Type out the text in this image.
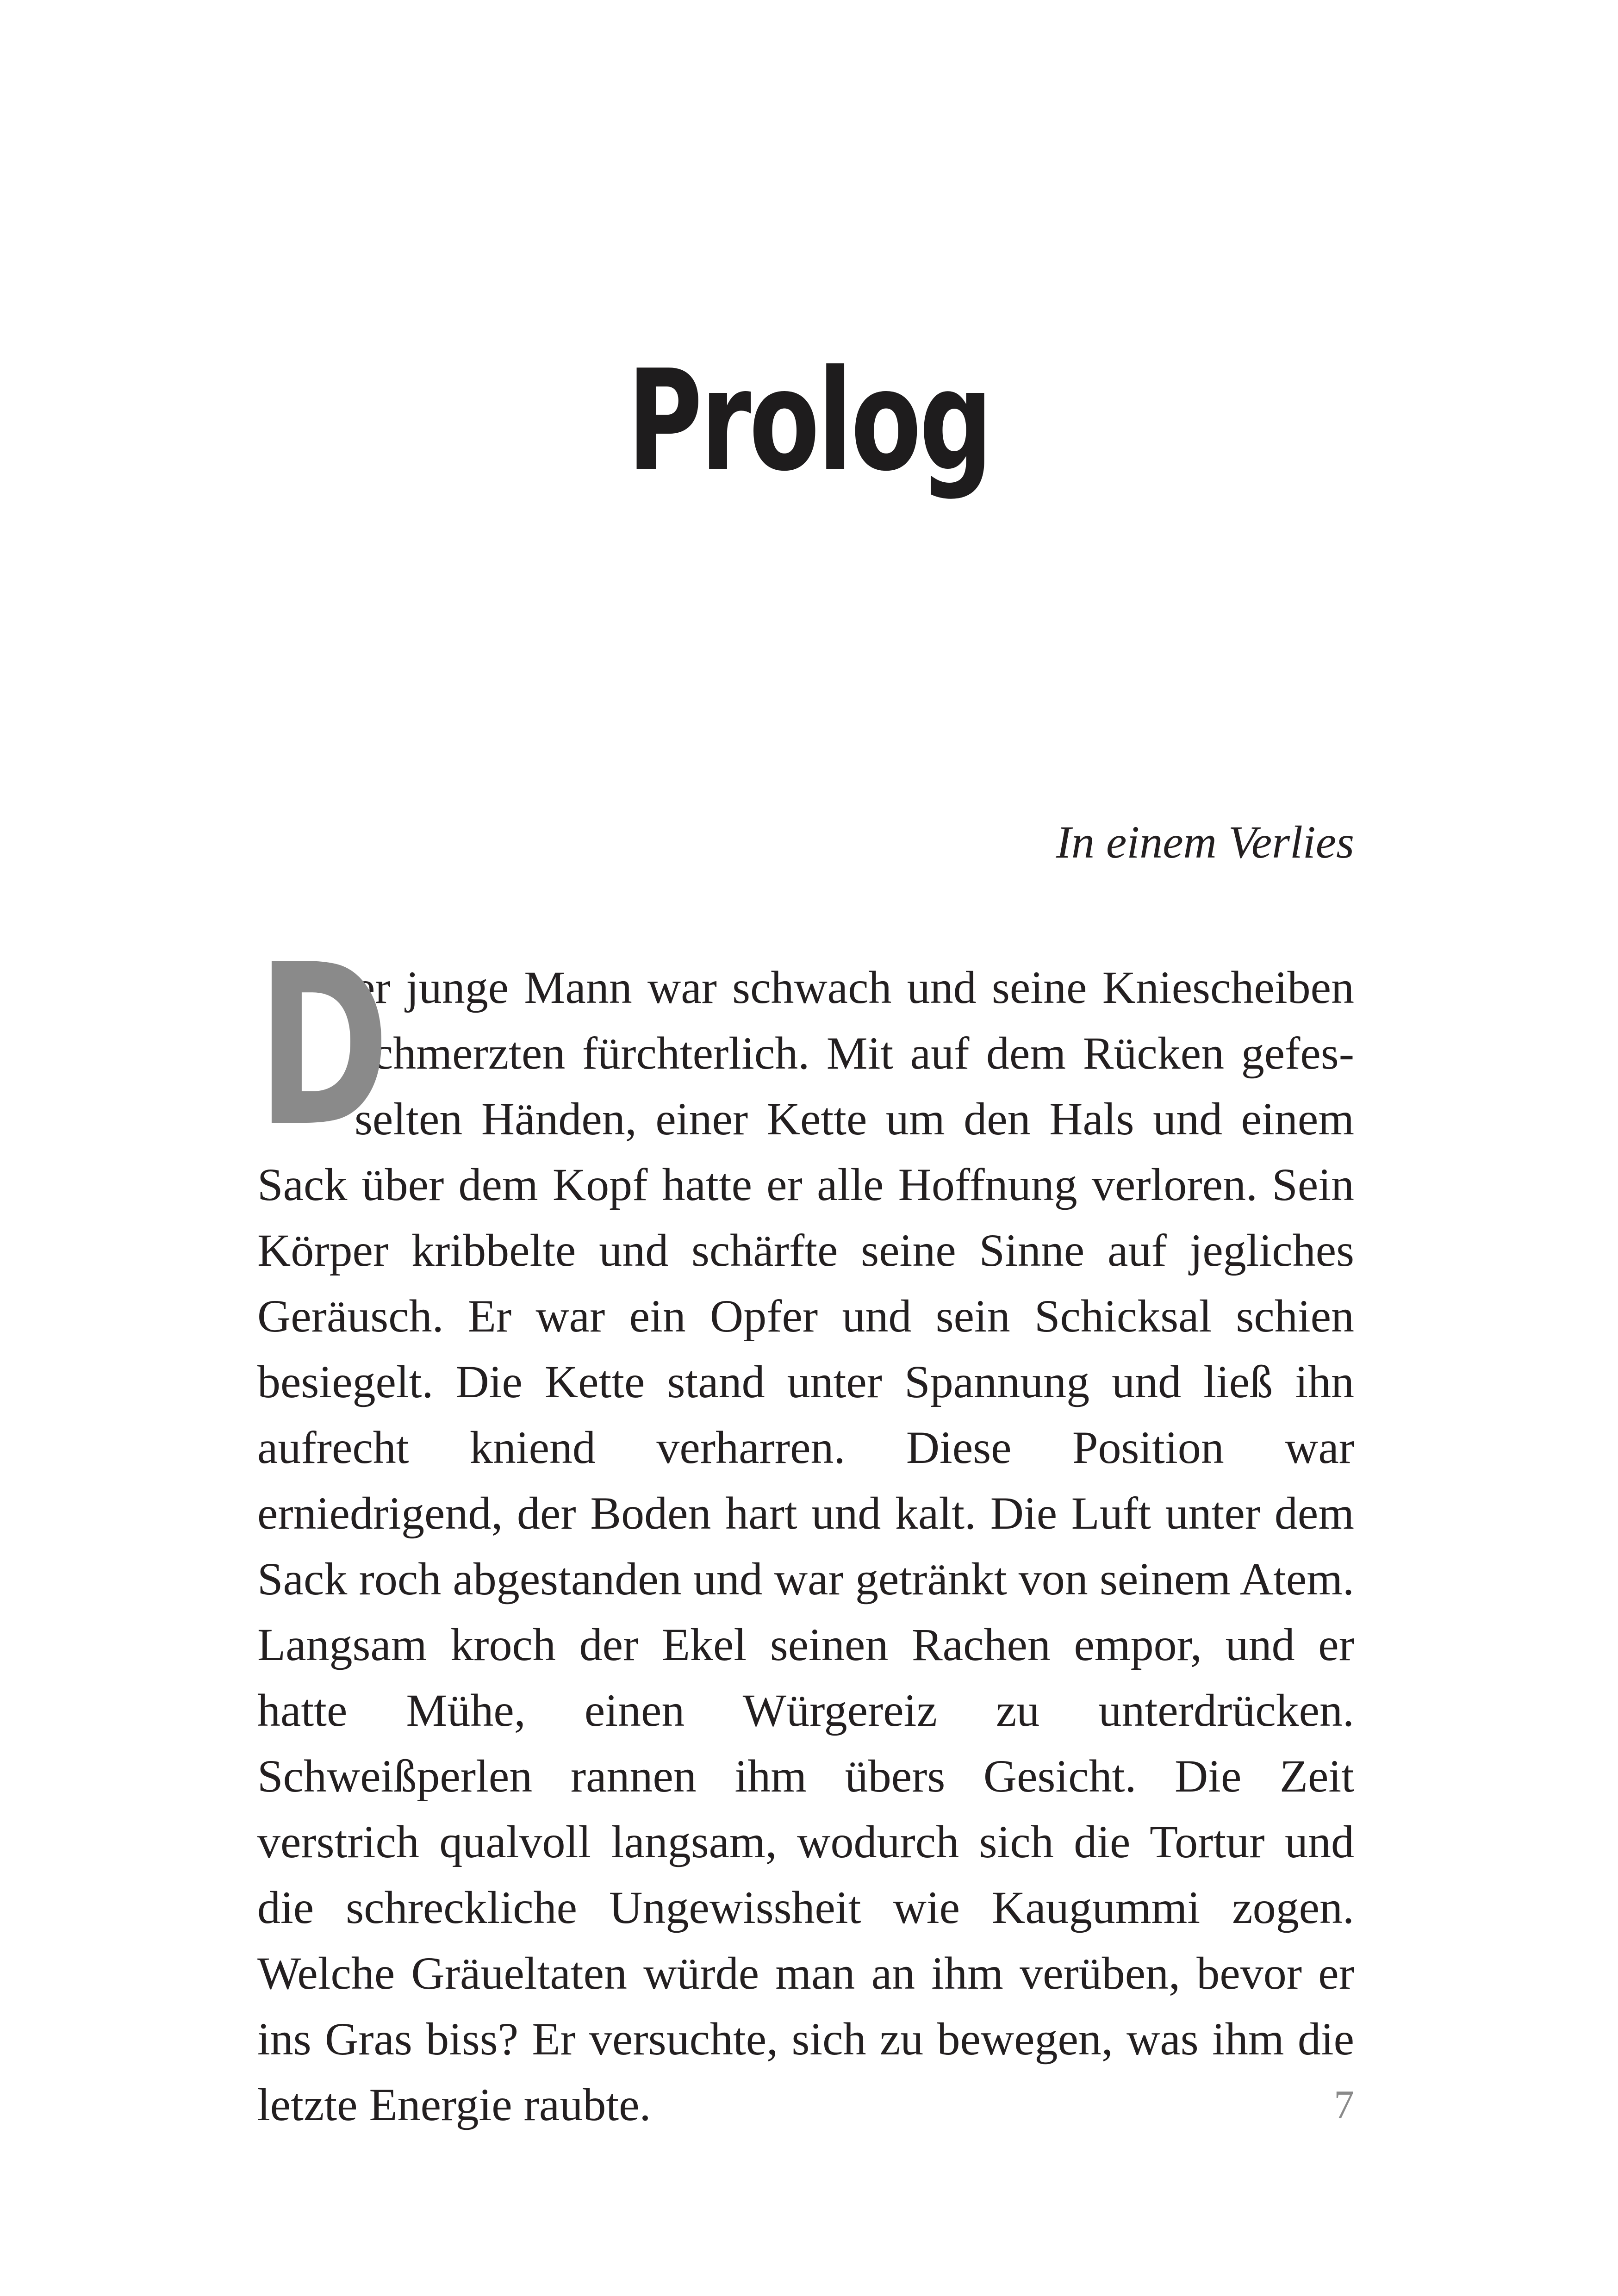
Prolog
In einem Verlies
D
er junge Mann war schwach und seine Kniescheiben schmerzten fürchterlich. Mit auf dem Rücken gefesselten Händen, einer Kette um den Hals und einem Sack über dem Kopf hatte er alle Hoffnung verloren. Sein Körper kribbelte und schärfte seine Sinne auf jegliches Geräusch. Er war ein Opfer und sein Schicksal schien besiegelt. Die Kette stand unter Spannung und ließ ihn aufrecht kniend verharren. Diese Position war erniedrigend, der Boden hart und kalt. Die Luft unter dem Sack roch abgestanden und war getränkt von seinem Atem. Langsam kroch der Ekel seinen Rachen empor, und er hatte Mühe, einen Würgereiz zu unterdrücken. Schweißperlen rannen ihm übers Gesicht. Die Zeit verstrich qualvoll langsam, wodurch sich die Tortur und die schreckliche Ungewissheit wie Kaugummi zogen. Welche Gräueltaten würde man an ihm verüben, bevor er ins Gras biss? Er versuchte, sich zu bewegen, was ihm die letzte Energie raubte.	7
